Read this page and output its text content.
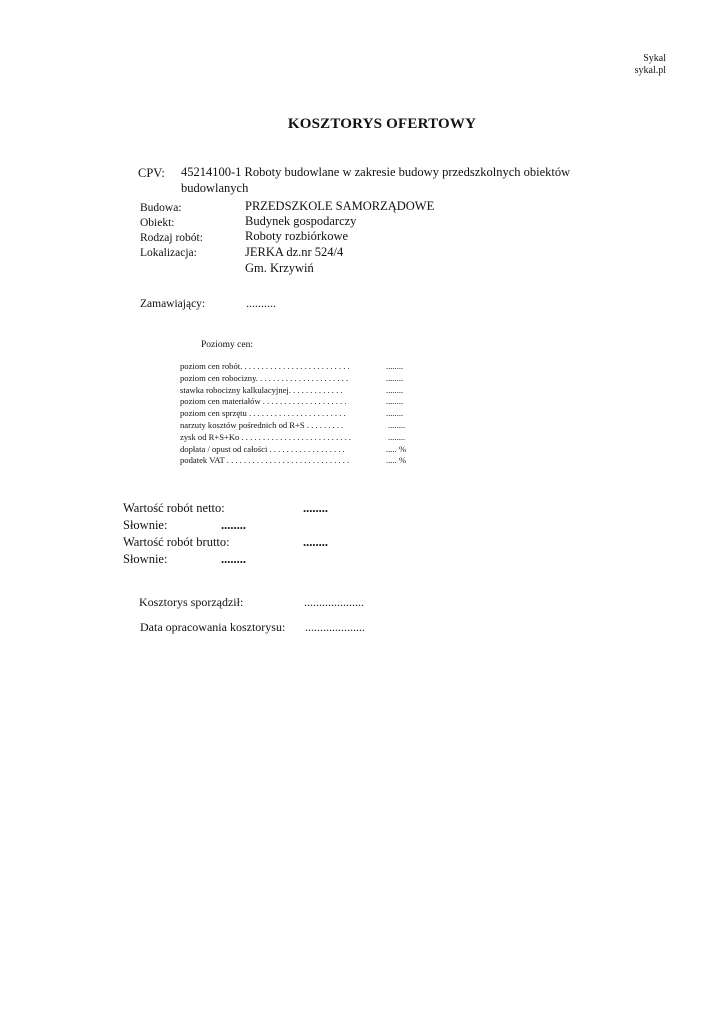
Sykal
sykal.pl
KOSZTORYS OFERTOWY
CPV: 45214100-1 Roboty budowlane w zakresie budowy przedszkolnych obiektów budowlanych
Budowa:	PRZEDSZKOLE SAMORZĄDOWE
Obiekt:	Budynek gospodarczy
Rodzaj robót:	Roboty rozbiórkowe
Lokalizacja:	JERKA dz.nr 524/4
Gm. Krzywiń
Zamawiający:	..........
Poziomy cen:
poziom cen robót. . . . . . . . . . . . . . . . . . . . . . . . . .	........
poziom cen robocizny. . . . . . . . . . . . . . . . . . . . . .	........
stawka robocizny kalkulacyjnej. . . . . . . . . . . . .	........
poziom cen materiałów . . . . . . . . . . . . . . . . . . . .	........
poziom cen sprzętu . . . . . . . . . . . . . . . . . . . . . . .	........
narzuty kosztów pośrednich od R+S . . . . . . . . .	........
zysk od R+S+Ko . . . . . . . . . . . . . . . . . . . . . . . . . .	........
dopłata / opust od całości . . . . . . . . . . . . . . . . . .	..... %
podatek VAT . . . . . . . . . . . . . . . . . . . . . . . . . . . . .	..... %
Wartość robót netto:	........
Słownie:	........
Wartość robót brutto:	........
Słownie:	........
Kosztorys sporządził:	....................
Data opracowania kosztorysu: ....................
